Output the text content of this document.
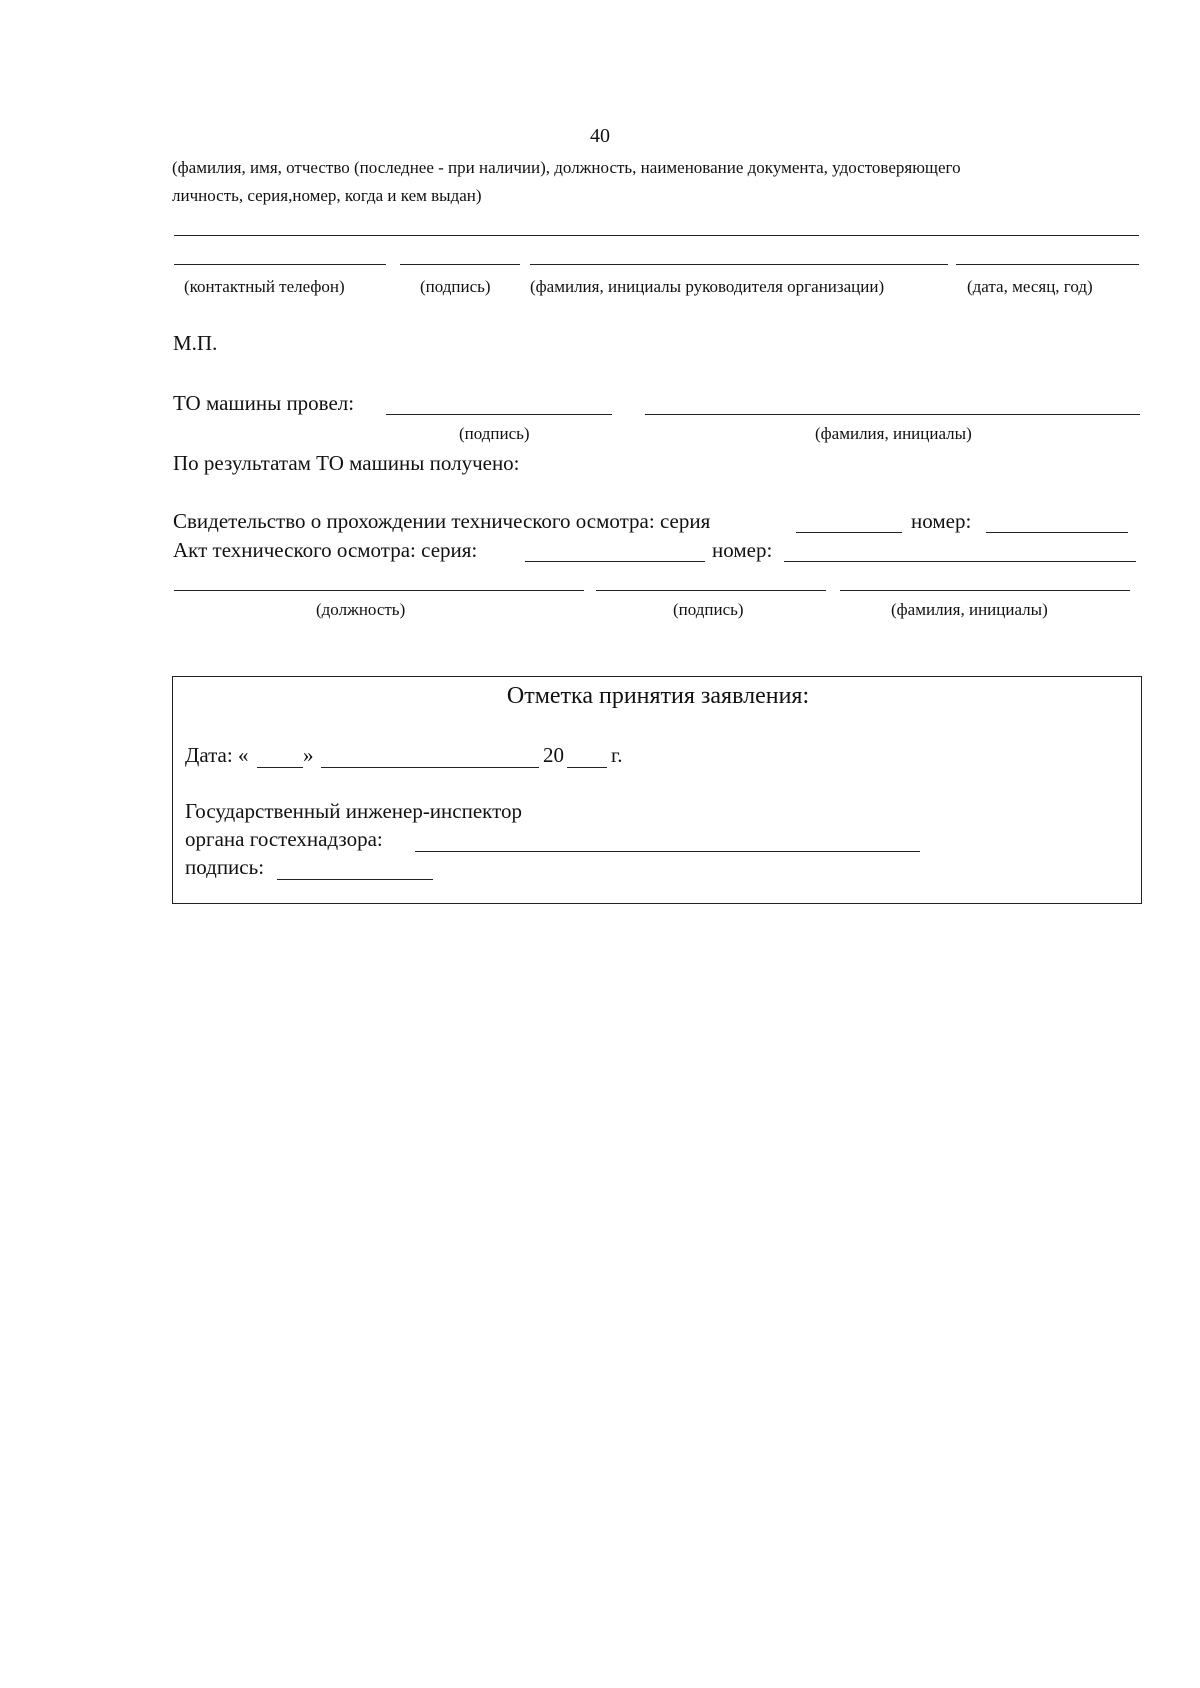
40
(фамилия, имя, отчество (последнее - при наличии), должность, наименование документа, удостоверяющего
личность, серия,номер, когда и кем выдан)
(контактный телефон)	(подпись) (фамилия, инициалы руководителя организации)	(дата, месяц, год)
М.П.
ТО машины провел:
(подпись)	(фамилия, инициалы)
По результатам ТО машины получено:
Свидетельство о прохождении технического осмотра: серия	номер:
Акт технического осмотра: серия:	номер:
(должность)	(подпись)	(фамилия, инициалы)
Отметка принятия заявления:
Дата: «	»	20 г.
Государственный инженер-инспектор
органа гостехнадзора:
подпись:
